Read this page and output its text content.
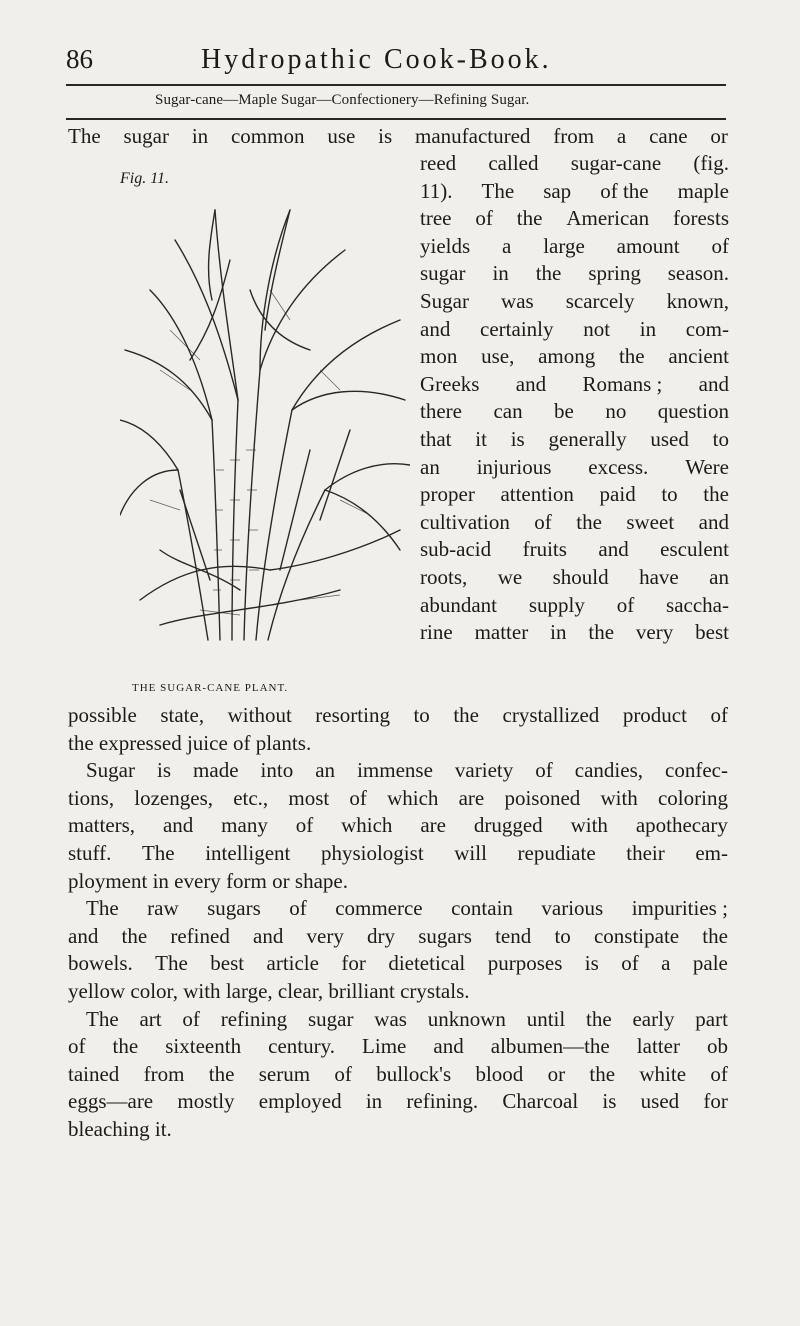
86	Hydropathic Cook-Book.
Sugar-cane—Maple Sugar—Confectionery—Refining Sugar.
The sugar in common use is manufactured from a cane or
Fig. 11.
THE SUGAR-CANE PLANT.
reed called sugar-cane (fig.
11). The sap of the maple
tree of the American forests
yields a large amount of
sugar in the spring season.
Sugar was scarcely known,
and certainly not in com-
mon use, among the ancient
Greeks and Romans ; and
there can be no question
that it is generally used to
an injurious excess. Were
proper attention paid to the
cultivation of the sweet and
sub-acid fruits and esculent
roots, we should have an
abundant supply of saccha-
rine matter in the very best
possible state, without resorting to the crystallized product of
the expressed juice of plants.
Sugar is made into an immense variety of candies, confec-
tions, lozenges, etc., most of which are poisoned with coloring
matters, and many of which are drugged with apothecary
stuff. The intelligent physiologist will repudiate their em-
ployment in every form or shape.
The raw sugars of commerce contain various impurities ;
and the refined and very dry sugars tend to constipate the
bowels. The best article for dietetical purposes is of a pale
yellow color, with large, clear, brilliant crystals.
The art of refining sugar was unknown until the early part
of the sixteenth century. Lime and albumen—the latter ob
tained from the serum of bullock's blood or the white of
eggs—are mostly employed in refining. Charcoal is used for
bleaching it.
